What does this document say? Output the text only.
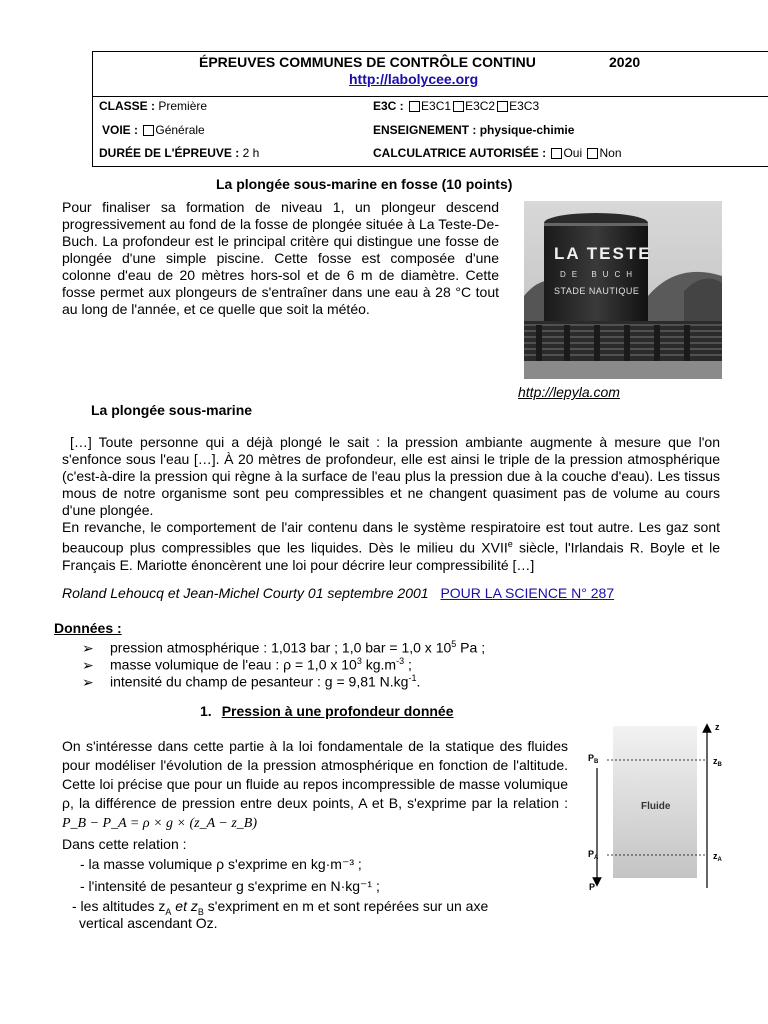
ÉPREUVES COMMUNES DE CONTRÔLE CONTINU	2020
http://labolycee.org
CLASSE : Première	E3C : E3C1 E3C2 E3C3
VOIE : Générale	ENSEIGNEMENT : physique-chimie
DURÉE DE L'ÉPREUVE : 2 h	CALCULATRICE AUTORISÉE : Oui Non
La plongée sous-marine en fosse (10 points)
Pour finaliser sa formation de niveau 1, un plongeur descend progressivement au fond de la fosse de plongée située à La Teste-De-Buch. La profondeur est le principal critère qui distingue une fosse de plongée d'une simple piscine. Cette fosse est composée d'une colonne d'eau de 20 mètres hors-sol et de 6 m de diamètre. Cette fosse permet aux plongeurs de s'entraîner dans une eau à 28 °C tout au long de l'année, et ce quelle que soit la météo.
LA TESTE
DE BUCH
STADE NAUTIQUE
http://lepyla.com
La plongée sous-marine

[…] Toute personne qui a déjà plongé le sait : la pression ambiante augmente à mesure que l'on s'enfonce sous l'eau […]. À 20 mètres de profondeur, elle est ainsi le triple de la pression atmosphérique (c'est-à-dire la pression qui règne à la surface de l'eau plus la pression due à la couche d'eau). Les tissus mous de notre organisme sont peu compressibles et ne changent quasiment pas de volume au cours d'une plongée.

En revanche, le comportement de l'air contenu dans le système respiratoire est tout autre. Les gaz sont beaucoup plus compressibles que les liquides. Dès le milieu du XVIIe siècle, l'Irlandais R. Boyle et le Français E. Mariotte énoncèrent une loi pour décrire leur compressibilité […]

Roland Lehoucq et Jean-Michel Courty 01 septembre 2001 POUR LA SCIENCE N° 287
Données :
➢ pression atmosphérique : 1,013 bar ; 1,0 bar = 1,0 x $10^5$ Pa ;
➢ masse volumique de l'eau : ρ = 1,0 x $10^3$ $kg.m^{-3}$ ;
➢ intensité du champ de pesanteur : g = 9,81 $N.kg^{-1}$.
1. Pression à une profondeur donnée

On s'intéresse dans cette partie à la loi fondamentale de la statique des fluides pour modéliser l'évolution de la pression atmosphérique en fonction de l'altitude. Cette loi précise que pour un fluide au repos incompressible de masse volumique ρ, la différence de pression entre deux points, A et B, s'exprime par la relation : P_B − P_A = ρ × g × (z_A − z_B)

Dans cette relation :
- la masse volumique ρ s'exprime en kg·m⁻³ ;
- l'intensité de pesanteur g s'exprime en N·kg⁻¹ ;
- les altitudes $z_A$ et $z_B$ s'expriment en m et sont repérées sur un axe
vertical ascendant Oz.
Fluide
$P_B$
$P_A$
P
z
$z_B$
$z_A$
